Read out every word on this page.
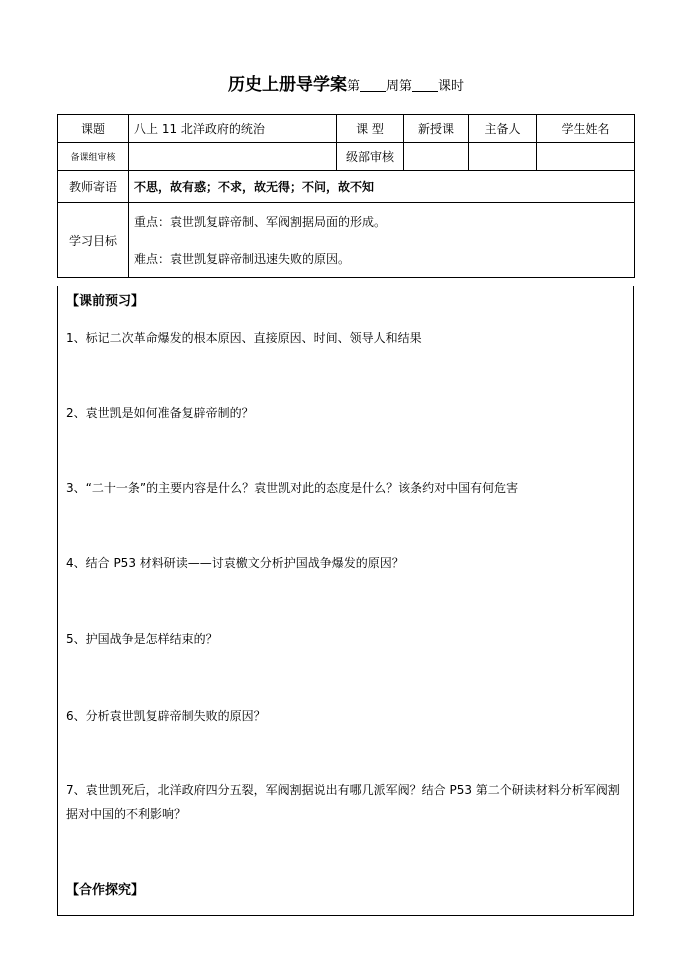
历史上册导学案第 周第 课时
课题	八上 11 北洋政府的统治	课 型	新授课	主备人	学生姓名
备课组审核		级部审核			
教师寄语	不思，故有惑；不求，故无得；不问，故不知				
学习目标	重点：袁世凯复辟帝制、军阀割据局面的形成。
难点：袁世凯复辟帝制迅速失败的原因。				
【课前预习】
1、标记二次革命爆发的根本原因、直接原因、时间、领导人和结果
2、袁世凯是如何准备复辟帝制的？
3、“二十一条”的主要内容是什么？袁世凯对此的态度是什么？该条约对中国有何危害
4、结合 P53 材料研读——讨袁檄文分析护国战争爆发的原因？
5、护国战争是怎样结束的？
6、分析袁世凯复辟帝制失败的原因？
7、袁世凯死后，北洋政府四分五裂，军阀割据说出有哪几派军阀？结合 P53 第二个研读材料分析军阀割据对中国的不利影响？
【合作探究】
